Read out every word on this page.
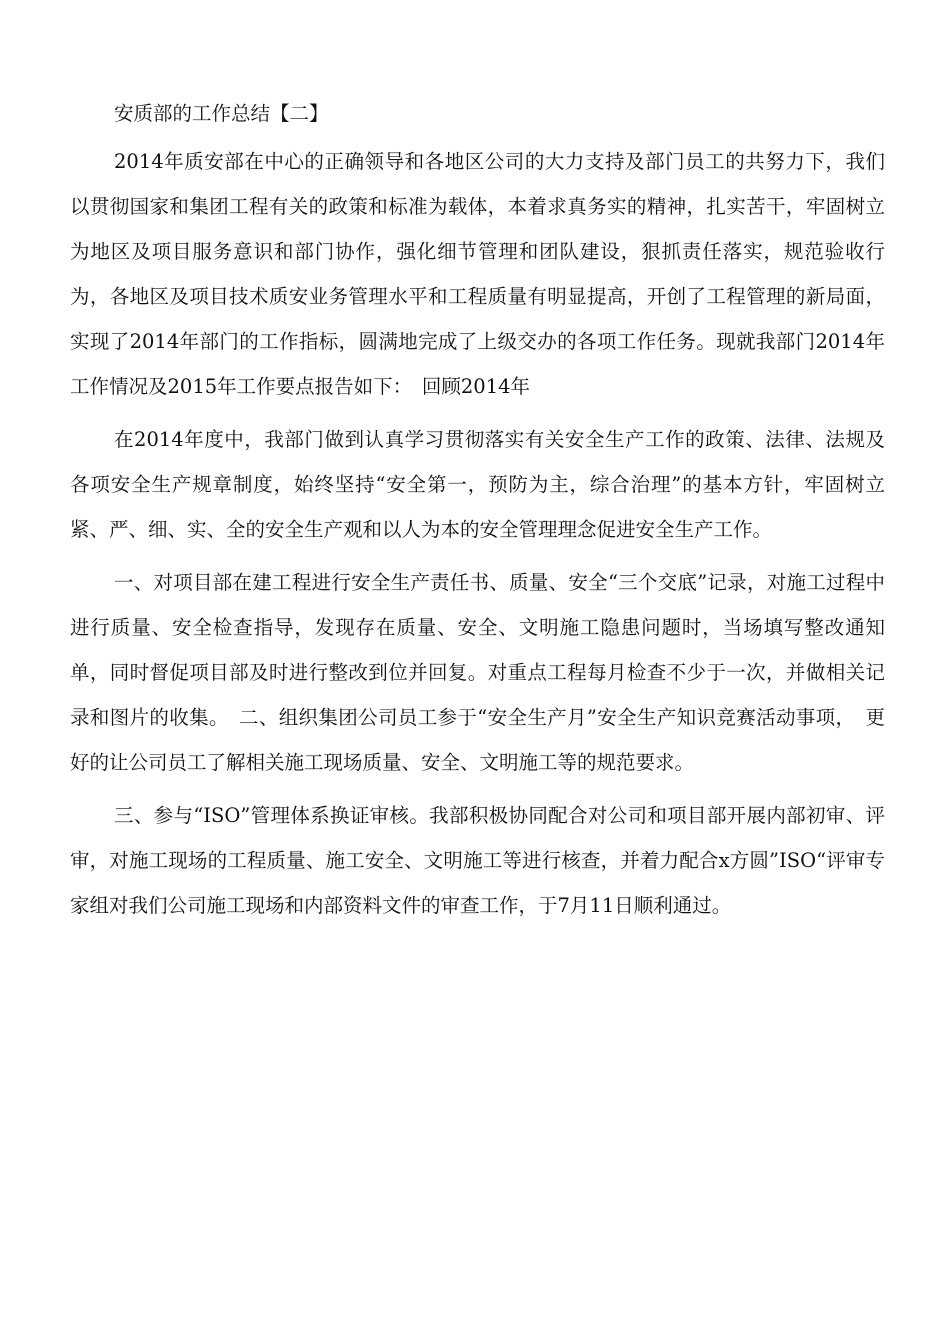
安质部的工作总结【二】

2014年质安部在中心的正确领导和各地区公司的大力支持及部门员工的共努力下，我们以贯彻国家和集团工程有关的政策和标准为载体，本着求真务实的精神，扎实苦干，牢固树立为地区及项目服务意识和部门协作，强化细节管理和团队建设，狠抓责任落实，规范验收行为，各地区及项目技术质安业务管理水平和工程质量有明显提高，开创了工程管理的新局面，实现了2014年部门的工作指标，圆满地完成了上级交办的各项工作任务。现就我部门2014年工作情况及2015年工作要点报告如下：　回顾2014年

在2014年度中，我部门做到认真学习贯彻落实有关安全生产工作的政策、法律、法规及各项安全生产规章制度，始终坚持“安全第一，预防为主，综合治理”的基本方针，牢固树立紧、严、细、实、全的安全生产观和以人为本的安全管理理念促进安全生产工作。

一、对项目部在建工程进行安全生产责任书、质量、安全“三个交底”记录，对施工过程中进行质量、安全检查指导，发现存在质量、安全、文明施工隐患问题时，当场填写整改通知单，同时督促项目部及时进行整改到位并回复。对重点工程每月检查不少于一次，并做相关记录和图片的收集。　二、组织集团公司员工参于“安全生产月”安全生产知识竞赛活动事项，　更好的让公司员工了解相关施工现场质量、安全、文明施工等的规范要求。

三、参与“ISO”管理体系换证审核。我部积极协同配合对公司和项目部开展内部初审、评审，对施工现场的工程质量、施工安全、文明施工等进行核查，并着力配合x方圆”ISO“评审专家组对我们公司施工现场和内部资料文件的审查工作，于7月11日顺利通过。
